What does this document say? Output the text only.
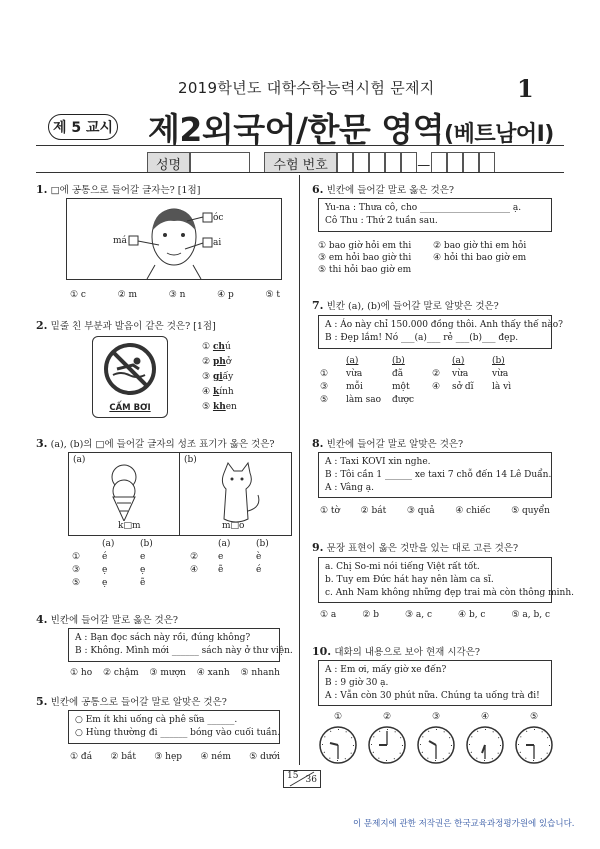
2019학년도 대학수학능력시험 문제지	1
제 5 교시 제2외국어/한문 영역(베트남어Ⅰ)
성명	수험 번호	—
1. □에 공통으로 들어갈 글자는? [1점]
óc
má	ai
① c	② m	③ n	④ p	⑤ t
2. 밑줄 친 부분과 발음이 같은 것은? [1점]
CẤM BƠI
① chú
② phở
③ giấy
④ kính
⑤ khen
3. (a), (b)의 □에 들어갈 글자의 성조 표기가 옳은 것은?
(a)	(b)
k□m	m□o
(a)	(b)	(a)	(b)
①	é	e	②	e	è
③	ẹ	ẹ	④	ẽ	é
⑤	ẹ	ẽ
4. 빈칸에 들어갈 말로 옳은 것은?
A : Bạn đọc sách này rồi, đúng không?
B : Không. Mình mới ______ sách này ở thư viện.
① ho ② chậm ③ mượn ④ xanh ⑤ nhanh
5. 빈칸에 공통으로 들어갈 말로 알맞은 것은?
○ Em ít khi uống cà phê sữa ______.
○ Hùng thường đi ______ bóng vào cuối tuần.
① đá ② bắt ③ hẹp ④ ném ⑤ dưới
6. 빈칸에 들어갈 말로 옳은 것은?
Yu-na : Thưa cô, cho ____________________ ạ.
Cô Thu : Thứ 2 tuần sau.
① bao giờ hỏi em thi	② bao giờ thi em hỏi
③ em hỏi bao giờ thi	④ hỏi thi bao giờ em
⑤ thi hỏi bao giờ em
7. 빈칸 (a), (b)에 들어갈 말로 알맞은 것은?
A : Áo này chỉ 150.000 đồng thôi. Anh thấy thế nào?
B : Đẹp lắm! Nó ___(a)___ rẻ ___(b)___ đẹp.
(a)	(b)	(a)	(b)
①	vừa	đã	②	vừa	vừa
③	mỗi	một	④	sở dĩ	là vì
⑤	làm sao	được
8. 빈칸에 들어갈 말로 알맞은 것은?
A : Taxi KOVI xin nghe.
B : Tôi cần 1 ______ xe taxi 7 chỗ đến 14 Lê Duẩn.
A : Vâng ạ.
① tờ ② bát ③ quả ④ chiếc ⑤ quyển
9. 문장 표현이 옳은 것만을 있는 대로 고른 것은?
a. Chị So-mi nói tiếng Việt rất tốt.
b. Tuy em Đức hát hay nên làm ca sĩ.
c. Anh Nam không những đẹp trai mà còn thông minh.
① a	② b	③ a, c	④ b, c	⑤ a, b, c
10. 대화의 내용으로 보아 현재 시각은?
A : Em ơi, mấy giờ xe đến?
B : 9 giờ 30 ạ.
A : Vẫn còn 30 phút nữa. Chúng ta uống trà đi!
①	②	③	④	⑤
15 36
이 문제지에 관한 저작권은 한국교육과정평가원에 있습니다.
